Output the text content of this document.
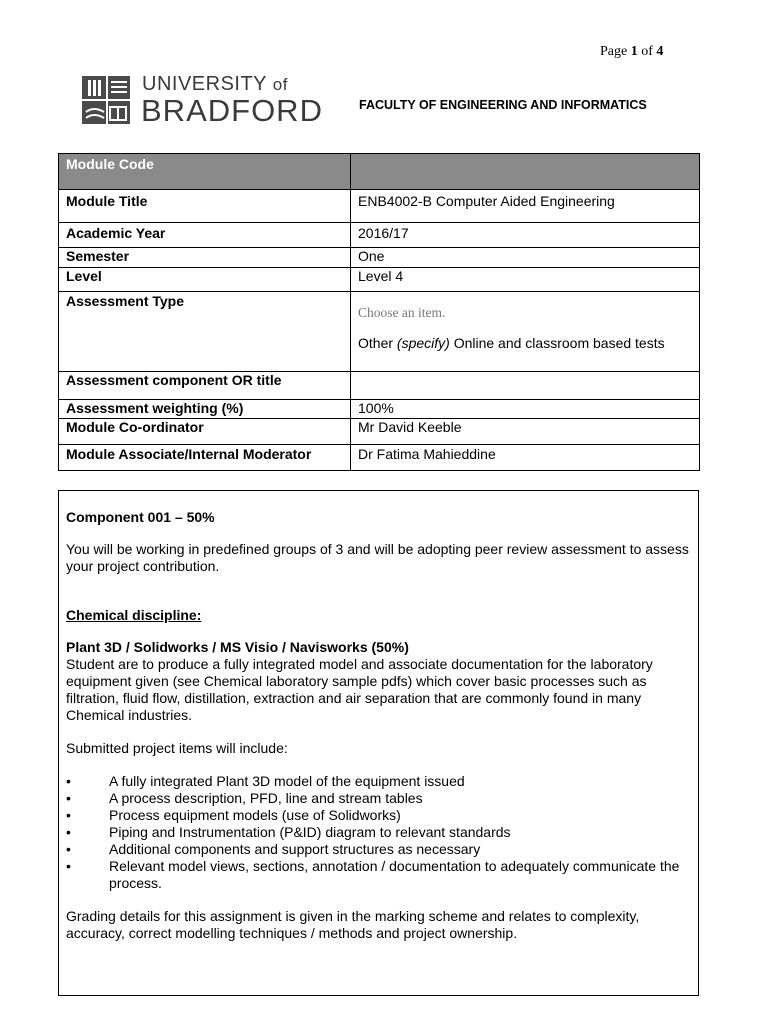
Page 1 of 4
UNIVERSITY of
BRADFORD	FACULTY OF ENGINEERING AND INFORMATICS
Module Code	
Module Title	ENB4002-B Computer Aided Engineering
Academic Year	2016/17
Semester	One
Level	Level 4
Assessment Type	Choose an item.
Other (specify) Online and classroom based tests

Assessment component OR title	
Assessment weighting (%)	100%
Module Co-ordinator	Mr David Keeble
Module Associate/Internal Moderator	Dr Fatima Mahieddine

Component 001 – 50%

You will be working in predefined groups of 3 and will be adopting peer review assessment to assess your project contribution.

Chemical discipline:

Plant 3D / Solidworks / MS Visio / Navisworks (50%)

Student are to produce a fully integrated model and associate documentation for the laboratory equipment given (see Chemical laboratory sample pdfs) which cover basic processes such as filtration, fluid flow, distillation, extraction and air separation that are commonly found in many Chemical industries.

Submitted project items will include:

•	A fully integrated Plant 3D model of the equipment issued
•	A process description, PFD, line and stream tables
•	Process equipment models (use of Solidworks)
•	Piping and Instrumentation (P&ID) diagram to relevant standards
•	Additional components and support structures as necessary
•	Relevant model views, sections, annotation / documentation to adequately communicate the process.

Grading details for this assignment is given in the marking scheme and relates to complexity, accuracy, correct modelling techniques / methods and project ownership.
